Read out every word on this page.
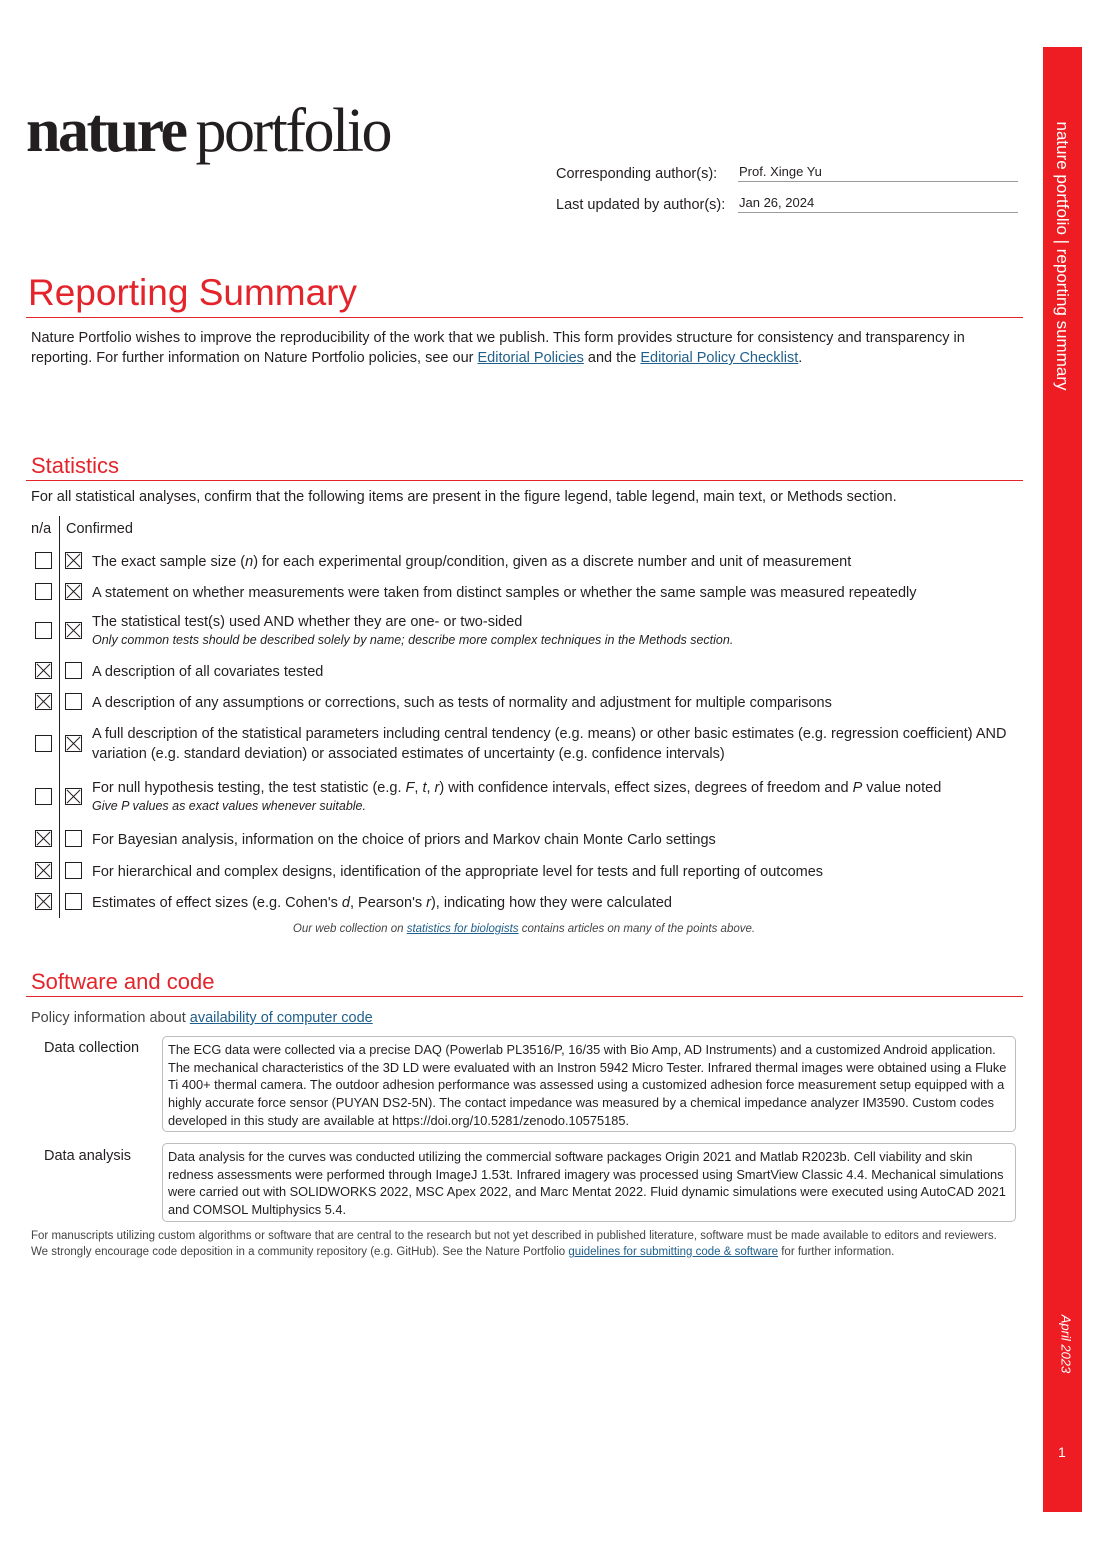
nature portfolio
Corresponding author(s):	Prof. Xinge Yu
Last updated by author(s):	Jan 26, 2024	nature portfolio | reporting summary
April 2023
1
Reporting Summary
Nature Portfolio wishes to improve the reproducibility of the work that we publish. This form provides structure for consistency and transparency in reporting. For further information on Nature Portfolio policies, see our Editorial Policies and the Editorial Policy Checklist.
Statistics
For all statistical analyses, confirm that the following items are present in the figure legend, table legend, main text, or Methods section.
n/a Confirmed
The exact sample size (n) for each experimental group/condition, given as a discrete number and unit of measurement
A statement on whether measurements were taken from distinct samples or whether the same sample was measured repeatedly
The statistical test(s) used AND whether they are one- or two-sided
Only common tests should be described solely by name; describe more complex techniques in the Methods section.
A description of all covariates tested
A description of any assumptions or corrections, such as tests of normality and adjustment for multiple comparisons
A full description of the statistical parameters including central tendency (e.g. means) or other basic estimates (e.g. regression coefficient) AND variation (e.g. standard deviation) or associated estimates of uncertainty (e.g. confidence intervals)
For null hypothesis testing, the test statistic (e.g. F, t, r) with confidence intervals, effect sizes, degrees of freedom and P value noted
Give P values as exact values whenever suitable.
For Bayesian analysis, information on the choice of priors and Markov chain Monte Carlo settings
For hierarchical and complex designs, identification of the appropriate level for tests and full reporting of outcomes
Estimates of effect sizes (e.g. Cohen's d, Pearson's r), indicating how they were calculated
Our web collection on statistics for biologists contains articles on many of the points above.
Software and code
Policy information about availability of computer code
Data collection	The ECG data were collected via a precise DAQ (Powerlab PL3516/P, 16/35 with Bio Amp, AD Instruments) and a customized Android application. The mechanical characteristics of the 3D LD were evaluated with an Instron 5942 Micro Tester. Infrared thermal images were obtained using a Fluke Ti 400+ thermal camera. The outdoor adhesion performance was assessed using a customized adhesion force measurement setup equipped with a highly accurate force sensor (PUYAN DS2-5N). The contact impedance was measured by a chemical impedance analyzer IM3590. Custom codes developed in this study are available at https://doi.org/10.5281/zenodo.10575185.
Data analysis	Data analysis for the curves was conducted utilizing the commercial software packages Origin 2021 and Matlab R2023b. Cell viability and skin redness assessments were performed through ImageJ 1.53t. Infrared imagery was processed using SmartView Classic 4.4. Mechanical simulations were carried out with SOLIDWORKS 2022, MSC Apex 2022, and Marc Mentat 2022. Fluid dynamic simulations were executed using AutoCAD 2021 and COMSOL Multiphysics 5.4.
For manuscripts utilizing custom algorithms or software that are central to the research but not yet described in published literature, software must be made available to editors and reviewers. We strongly encourage code deposition in a community repository (e.g. GitHub). See the Nature Portfolio guidelines for submitting code & software for further information.
